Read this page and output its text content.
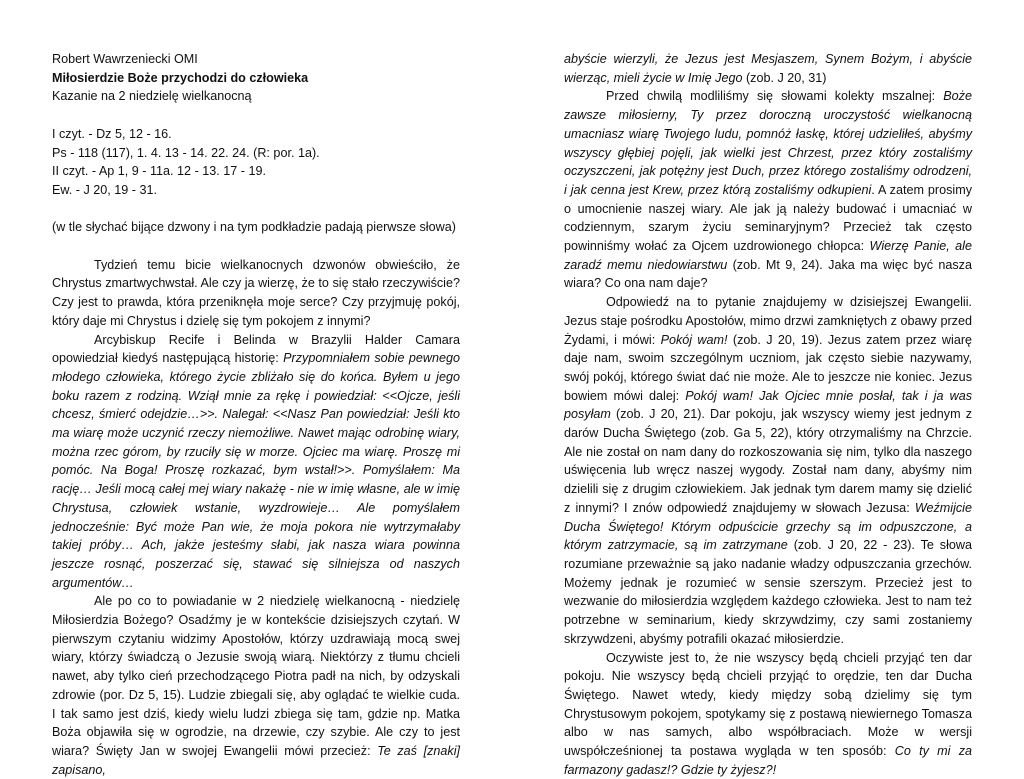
Robert Wawrzeniecki OMI

Miłosierdzie Boże przychodzi do człowieka

Kazanie na 2 niedzielę wielkanocną

I czyt. - Dz 5, 12 - 16.

Ps - 118 (117), 1. 4. 13 - 14. 22. 24. (R: por. 1a).

II czyt. - Ap 1, 9 - 11a. 12 - 13. 17 - 19.

Ew. - J 20, 19 - 31.

(w tle słychać bijące dzwony i na tym podkładzie padają pierwsze słowa)

Tydzień temu bicie wielkanocnych dzwonów obwieściło, że Chrystus zmartwychwstał. Ale czy ja wierzę, że to się stało rzeczywiście? Czy jest to prawda, która przeniknęła moje serce? Czy przyjmuję pokój, który daje mi Chrystus i dzielę się tym pokojem z innymi?

Arcybiskup Recife i Belinda w Brazylii Halder Camara opowiedział kiedyś następującą historię: Przypomniałem sobie pewnego młodego człowieka, którego życie zbliżało się do końca. Byłem u jego boku razem z rodziną. Wziął mnie za rękę i powiedział: <<Ojcze, jeśli chcesz, śmierć odejdzie…>>. Nalegał: <<Nasz Pan powiedział: Jeśli kto ma wiarę może uczynić rzeczy niemożliwe. Nawet mając odrobinę wiary, można rzec górom, by rzuciły się w morze. Ojciec ma wiarę. Proszę mi pomóc. Na Boga! Proszę rozkazać, bym wstał!>>. Pomyślałem: Ma rację… Jeśli mocą całej mej wiary nakażę - nie w imię własne, ale w imię Chrystusa, człowiek wstanie, wyzdrowieje… Ale pomyślałem jednocześnie: Być może Pan wie, że moja pokora nie wytrzymałaby takiej próby… Ach, jakże jesteśmy słabi, jak nasza wiara powinna jeszcze rosnąć, poszerzać się, stawać się silniejsza od naszych argumentów…

Ale po co to powiadanie w 2 niedzielę wielkanocną - niedzielę Miłosierdzia Bożego? Osadźmy je w kontekście dzisiejszych czytań. W pierwszym czytaniu widzimy Apostołów, którzy uzdrawiają mocą swej wiary, którzy świadczą o Jezusie swoją wiarą. Niektórzy z tłumu chcieli nawet, aby tylko cień przechodzącego Piotra padł na nich, by odzyskali zdrowie (por. Dz 5, 15). Ludzie zbiegali się, aby oglądać te wielkie cuda. I tak samo jest dziś, kiedy wielu ludzi zbiega się tam, gdzie np. Matka Boża objawiła się w ogrodzie, na drzewie, czy szybie. Ale czy to jest wiara? Święty Jan w swojej Ewangelii mówi przecież: Te zaś [znaki] zapisano,

abyście wierzyli, że Jezus jest Mesjaszem, Synem Bożym, i abyście wierząc, mieli życie w Imię Jego (zob. J 20, 31)

Przed chwilą modliliśmy się słowami kolekty mszalnej: Boże zawsze miłosierny, Ty przez doroczną uroczystość wielkanocną umacniasz wiarę Twojego ludu, pomnóż łaskę, której udzieliłeś, abyśmy wszyscy głębiej pojęli, jak wielki jest Chrzest, przez który zostaliśmy oczyszczeni, jak potężny jest Duch, przez którego zostaliśmy odrodzeni, i jak cenna jest Krew, przez którą zostaliśmy odkupieni. A zatem prosimy o umocnienie naszej wiary. Ale jak ją należy budować i umacniać w codziennym, szarym życiu seminaryjnym? Przecież tak często powinniśmy wołać za Ojcem uzdrowionego chłopca: Wierzę Panie, ale zaradź memu niedowiarstwu (zob. Mt 9, 24). Jaka ma więc być nasza wiara? Co ona nam daje?

Odpowiedź na to pytanie znajdujemy w dzisiejszej Ewangelii. Jezus staje pośrodku Apostołów, mimo drzwi zamkniętych z obawy przed Żydami, i mówi: Pokój wam! (zob. J 20, 19). Jezus zatem przez wiarę daje nam, swoim szczególnym uczniom, jak często siebie nazywamy, swój pokój, którego świat dać nie może. Ale to jeszcze nie koniec. Jezus bowiem mówi dalej: Pokój wam! Jak Ojciec mnie posłał, tak i ja was posyłam (zob. J 20, 21). Dar pokoju, jak wszyscy wiemy jest jednym z darów Ducha Świętego (zob. Ga 5, 22), który otrzymaliśmy na Chrzcie. Ale nie został on nam dany do rozkoszowania się nim, tylko dla naszego uświęcenia lub wręcz naszej wygody. Został nam dany, abyśmy nim dzielili się z drugim człowiekiem. Jak jednak tym darem mamy się dzielić z innymi? I znów odpowiedź znajdujemy w słowach Jezusa: Weźmijcie Ducha Świętego! Którym odpuścicie grzechy są im odpuszczone, a którym zatrzymacie, są im zatrzymane (zob. J 20, 22 - 23). Te słowa rozumiane przeważnie są jako nadanie władzy odpuszczania grzechów. Możemy jednak je rozumieć w sensie szerszym. Przecież jest to wezwanie do miłosierdzia względem każdego człowieka. Jest to nam też potrzebne w seminarium, kiedy skrzywdzimy, czy sami zostaniemy skrzywdzeni, abyśmy potrafili okazać miłosierdzie.

Oczywiste jest to, że nie wszyscy będą chcieli przyjąć ten dar pokoju. Nie wszyscy będą chcieli przyjąć to orędzie, ten dar Ducha Świętego. Nawet wtedy, kiedy między sobą dzielimy się tym Chrystusowym pokojem, spotykamy się z postawą niewiernego Tomasza albo w nas samych, albo współbraciach. Może w wersji uwspółcześnionej ta postawa wygląda w ten sposób: Co ty mi za farmazony gadasz!? Gdzie ty żyjesz?!
